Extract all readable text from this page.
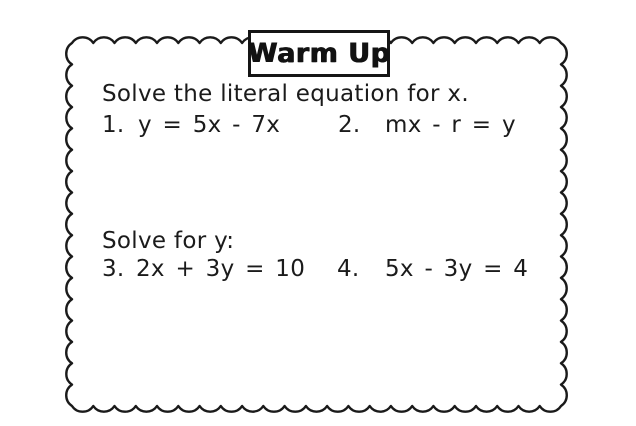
Warm Up
Solve the literal equation for x.
1. y = 5x - 7x	2. mx - r = y
Solve for y:
3. 2x + 3y = 10 4. 5x - 3y = 4
